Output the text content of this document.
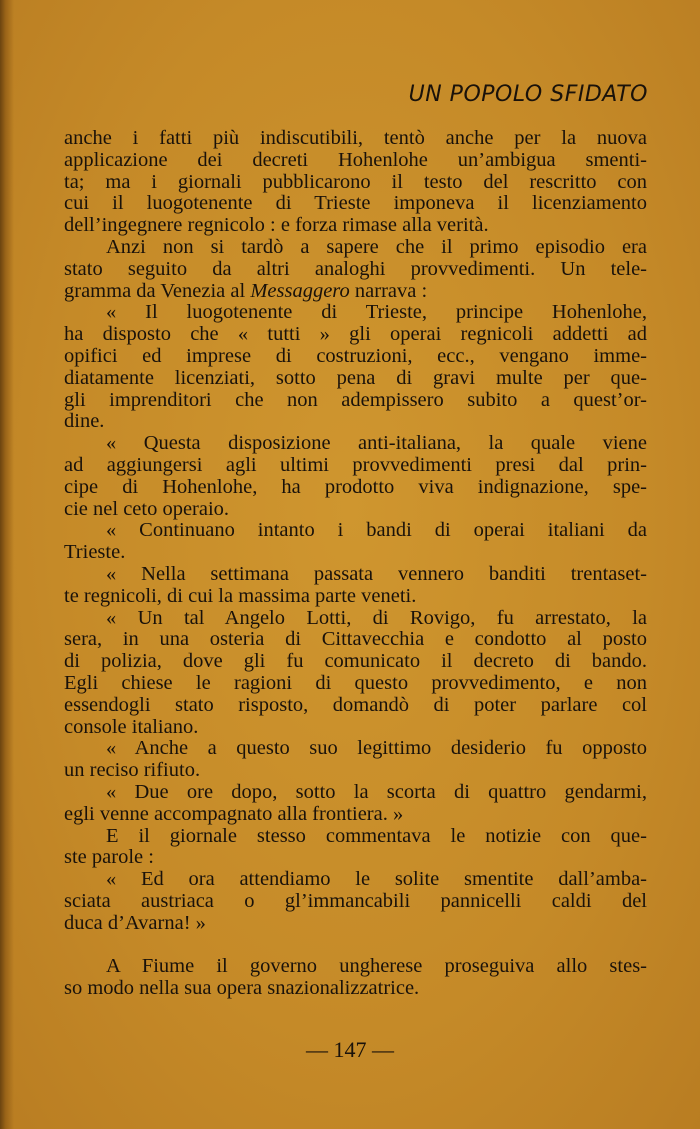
UN POPOLO SFIDATO
anche i fatti più indiscutibili, tentò anche per la nuova
applicazione dei decreti Hohenlohe un’ambigua smenti-
ta; ma i giornali pubblicarono il testo del rescritto con
cui il luogotenente di Trieste imponeva il licenziamento
dell’ingegnere regnicolo : e forza rimase alla verità.
Anzi non si tardò a sapere che il primo episodio era
stato seguito da altri analoghi provvedimenti. Un tele-
gramma da Venezia al Messaggero narrava :
« Il luogotenente di Trieste, principe Hohenlohe,
ha disposto che « tutti » gli operai regnicoli addetti ad
opifici ed imprese di costruzioni, ecc., vengano imme-
diatamente licenziati, sotto pena di gravi multe per que-
gli imprenditori che non adempissero subito a quest’or-
dine.
« Questa disposizione anti-italiana, la quale viene
ad aggiungersi agli ultimi provvedimenti presi dal prin-
cipe di Hohenlohe, ha prodotto viva indignazione, spe-
cie nel ceto operaio.
« Continuano intanto i bandi di operai italiani da
Trieste.
« Nella settimana passata vennero banditi trentaset-
te regnicoli, di cui la massima parte veneti.
« Un tal Angelo Lotti, di Rovigo, fu arrestato, la
sera, in una osteria di Cittavecchia e condotto al posto
di polizia, dove gli fu comunicato il decreto di bando.
Egli chiese le ragioni di questo provvedimento, e non
essendogli stato risposto, domandò di poter parlare col
console italiano.
« Anche a questo suo legittimo desiderio fu opposto
un reciso rifiuto.
« Due ore dopo, sotto la scorta di quattro gendarmi,
egli venne accompagnato alla frontiera. »
E il giornale stesso commentava le notizie con que-
ste parole :
« Ed ora attendiamo le solite smentite dall’amba-
sciata austriaca o gl’immancabili pannicelli caldi del
duca d’Avarna! »
A Fiume il governo ungherese proseguiva allo stes-
so modo nella sua opera snazionalizzatrice.
— 147 —
